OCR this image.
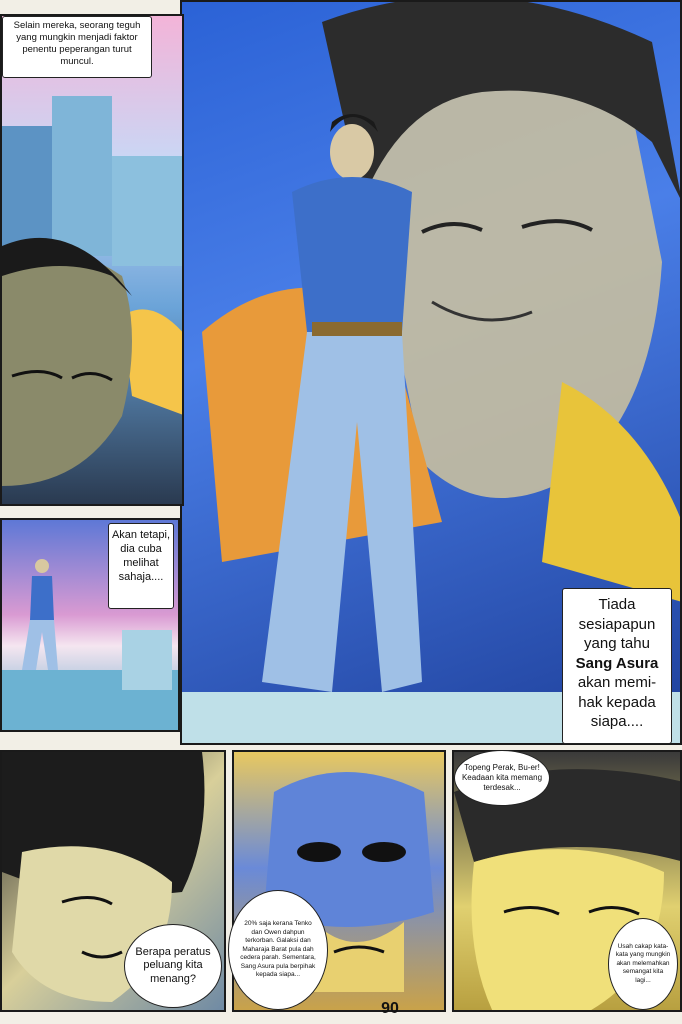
Selain mereka, seorang teguh yang mungkin menjadi faktor penentu peperangan turut muncul.
Akan tetapi, dia cuba melihat sahaja....
Tiada
sesiapapun
yang tahu
Sang Asura
akan memi-
hak kepada
siapa....
Berapa peratus peluang kita menang?
20% saja kerana Tenko dan Owen dahpun terkorban. Galaksi dan Maharaja Barat pula dah cedera parah. Sementara, Sang Asura pula berpihak kepada siapa...
Topeng Perak, Bu-er! Keadaan kita memang terdesak...
Usah cakap kata-kata yang mungkin akan melemahkan semangat kita lagi...
90
